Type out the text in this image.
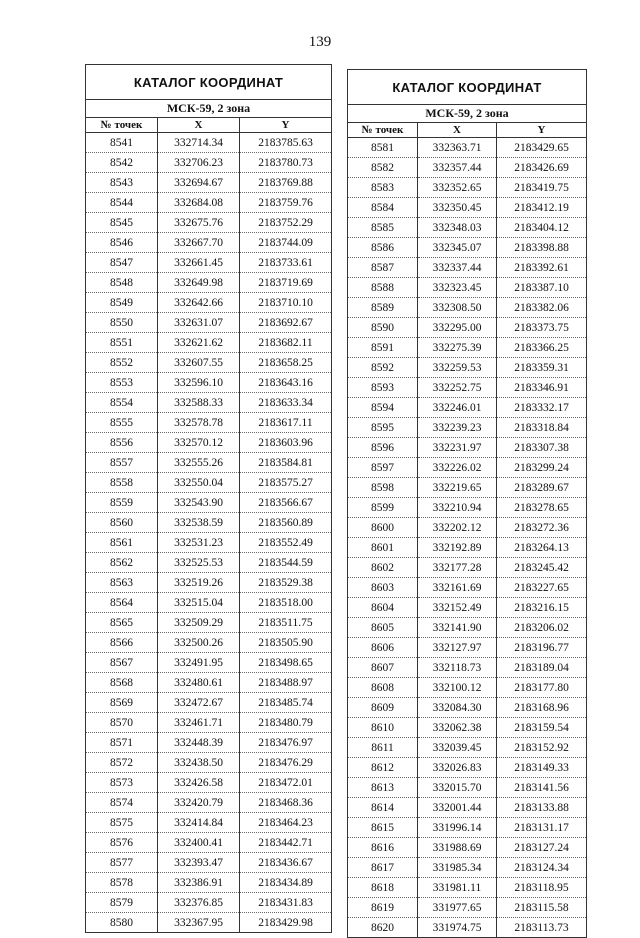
139
КАТАЛОГ КООРДИНАТ		
МСК-59, 2 зона		
№ точек	X	Y
8541	332714.34	2183785.63
8542	332706.23	2183780.73
8543	332694.67	2183769.88
8544	332684.08	2183759.76
8545	332675.76	2183752.29
8546	332667.70	2183744.09
8547	332661.45	2183733.61
8548	332649.98	2183719.69
8549	332642.66	2183710.10
8550	332631.07	2183692.67
8551	332621.62	2183682.11
8552	332607.55	2183658.25
8553	332596.10	2183643.16
8554	332588.33	2183633.34
8555	332578.78	2183617.11
8556	332570.12	2183603.96
8557	332555.26	2183584.81
8558	332550.04	2183575.27
8559	332543.90	2183566.67
8560	332538.59	2183560.89
8561	332531.23	2183552.49
8562	332525.53	2183544.59
8563	332519.26	2183529.38
8564	332515.04	2183518.00
8565	332509.29	2183511.75
8566	332500.26	2183505.90
8567	332491.95	2183498.65
8568	332480.61	2183488.97
8569	332472.67	2183485.74
8570	332461.71	2183480.79
8571	332448.39	2183476.97
8572	332438.50	2183476.29
8573	332426.58	2183472.01
8574	332420.79	2183468.36
8575	332414.84	2183464.23
8576	332400.41	2183442.71
8577	332393.47	2183436.67
8578	332386.91	2183434.89
8579	332376.85	2183431.83
8580	332367.95	2183429.98
КАТАЛОГ КООРДИНАТ		
МСК-59, 2 зона		
№ точек	X	Y
8581	332363.71	2183429.65
8582	332357.44	2183426.69
8583	332352.65	2183419.75
8584	332350.45	2183412.19
8585	332348.03	2183404.12
8586	332345.07	2183398.88
8587	332337.44	2183392.61
8588	332323.45	2183387.10
8589	332308.50	2183382.06
8590	332295.00	2183373.75
8591	332275.39	2183366.25
8592	332259.53	2183359.31
8593	332252.75	2183346.91
8594	332246.01	2183332.17
8595	332239.23	2183318.84
8596	332231.97	2183307.38
8597	332226.02	2183299.24
8598	332219.65	2183289.67
8599	332210.94	2183278.65
8600	332202.12	2183272.36
8601	332192.89	2183264.13
8602	332177.28	2183245.42
8603	332161.69	2183227.65
8604	332152.49	2183216.15
8605	332141.90	2183206.02
8606	332127.97	2183196.77
8607	332118.73	2183189.04
8608	332100.12	2183177.80
8609	332084.30	2183168.96
8610	332062.38	2183159.54
8611	332039.45	2183152.92
8612	332026.83	2183149.33
8613	332015.70	2183141.56
8614	332001.44	2183133.88
8615	331996.14	2183131.17
8616	331988.69	2183127.24
8617	331985.34	2183124.34
8618	331981.11	2183118.95
8619	331977.65	2183115.58
8620	331974.75	2183113.73
